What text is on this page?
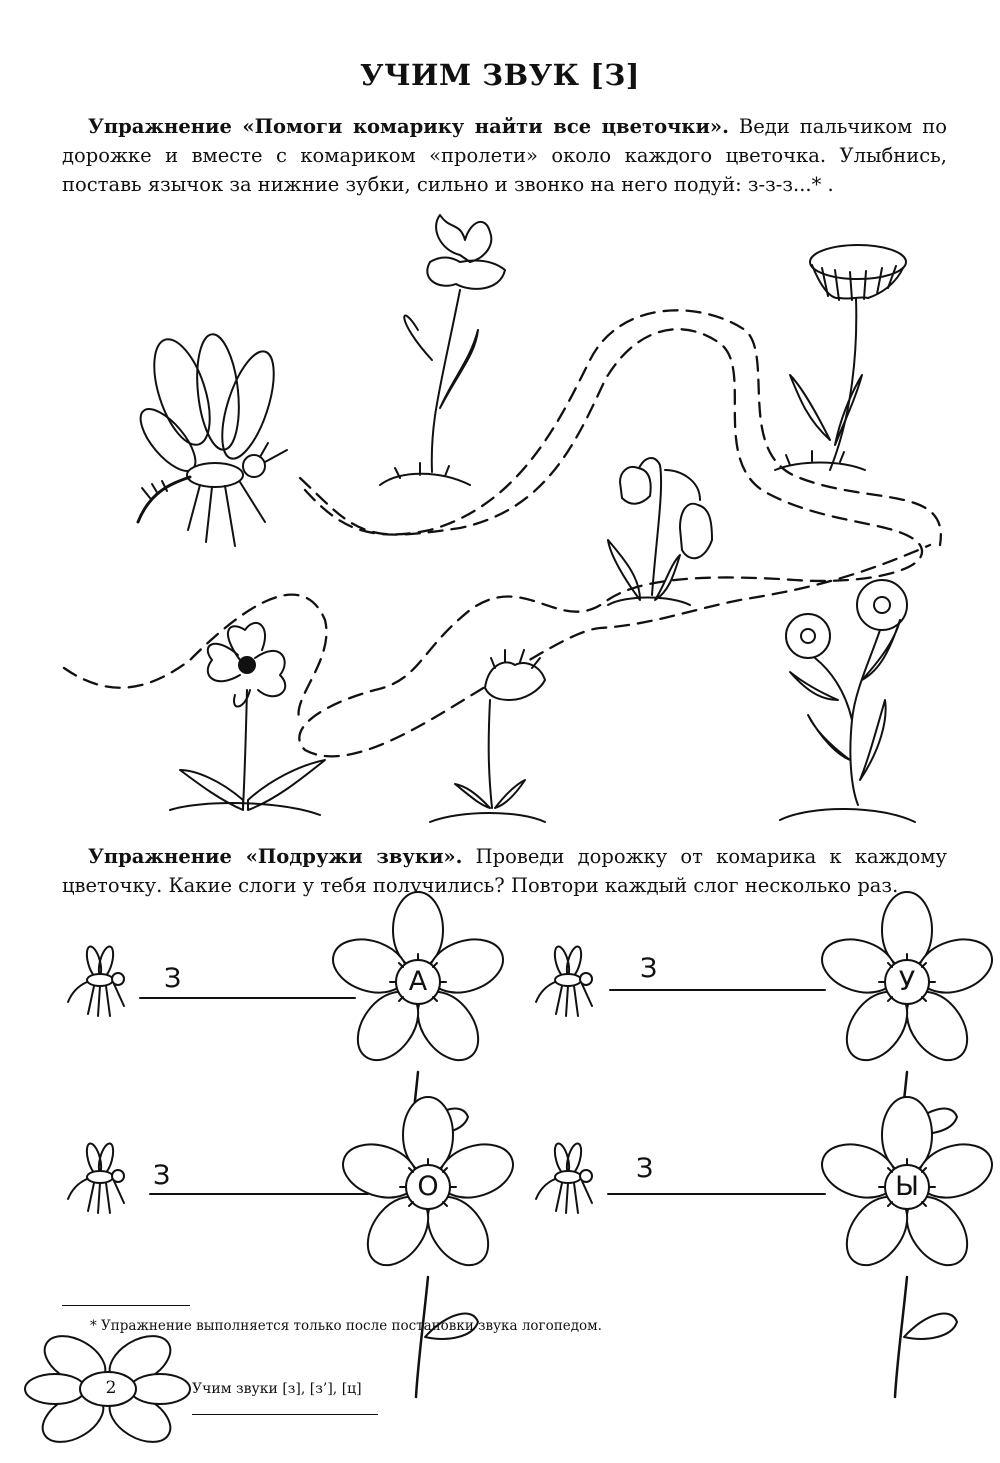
УЧИМ ЗВУК [З]
Упражнение «Помоги комарику найти все цветочки». Веди пальчиком по дорожке и вместе с комариком «пролети» около каждого цветочка. Улыбнись, поставь язычок за нижние зубки, сильно и звонко на него подуй: з-з-з...* .
Упражнение «Подружи звуки». Проведи дорожку от комарика к каждому цветочку. Какие слоги у тебя получились? Повтори каждый слог несколько раз.
З	А	З	У
З	О
З
Ы
* Упражнение выполняется только после постановки звука логопедом.
2	Учим звуки [з], [з’], [ц]
